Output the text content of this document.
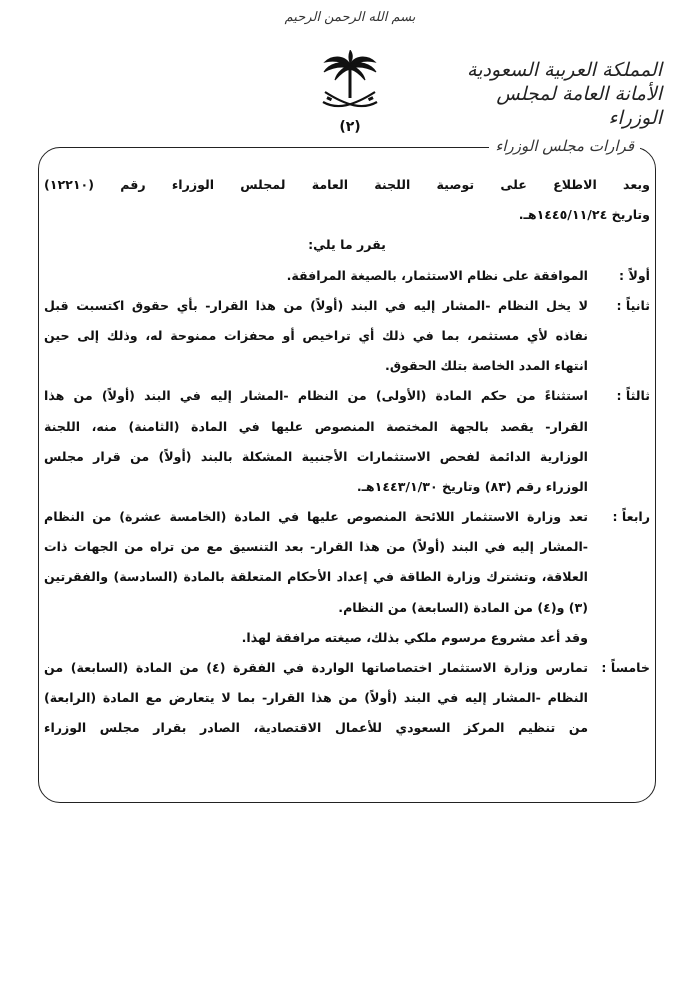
بسم الله الرحمن الرحيم
المملكة العربية السعودية
الأمانة العامة لمجلس الوزراء
(٢)
قرارات مجلس الوزراء
وبعد الاطلاع على توصية اللجنة العامة لمجلس الوزراء رقم (١٢٢١٠)
وتاريخ ١٤٤٥/١١/٢٤هـ.
يقرر ما يلي:
أولاً :
الموافقة على نظام الاستثمار، بالصيغة المرافقة.
ثانياً :
لا يخل النظام -المشار إليه في البند (أولاً) من هذا القرار- بأي حقوق اكتسبت قبل
نفاذه لأي مستثمر، بما في ذلك أي تراخيص أو محفزات ممنوحة له، وذلك إلى حين
انتهاء المدد الخاصة بتلك الحقوق.
ثالثاً :
استثناءً من حكم المادة (الأولى) من النظام -المشار إليه في البند (أولاً) من هذا
القرار- يقصد بالجهة المختصة المنصوص عليها في المادة (الثامنة) منه، اللجنة
الوزارية الدائمة لفحص الاستثمارات الأجنبية المشكلة بالبند (أولاً) من قرار مجلس
الوزراء رقم (٨٣) وتاريخ ١٤٤٣/١/٣٠هـ.
رابعاً :
تعد وزارة الاستثمار اللائحة المنصوص عليها في المادة (الخامسة عشرة) من النظام
-المشار إليه في البند (أولاً) من هذا القرار- بعد التنسيق مع من تراه من الجهات ذات
العلاقة، وتشترك وزارة الطاقة في إعداد الأحكام المتعلقة بالمادة (السادسة) والفقرتين
(٣) و(٤) من المادة (السابعة) من النظام.
وقد أعد مشروع مرسوم ملكي بذلك، صيغته مرافقة لهذا.
خامساً :
تمارس وزارة الاستثمار اختصاصاتها الواردة في الفقرة (٤) من المادة (السابعة) من
النظام -المشار إليه في البند (أولاً) من هذا القرار- بما لا يتعارض مع المادة (الرابعة)
من تنظيم المركز السعودي للأعمال الاقتصادية، الصادر بقرار مجلس الوزراء
